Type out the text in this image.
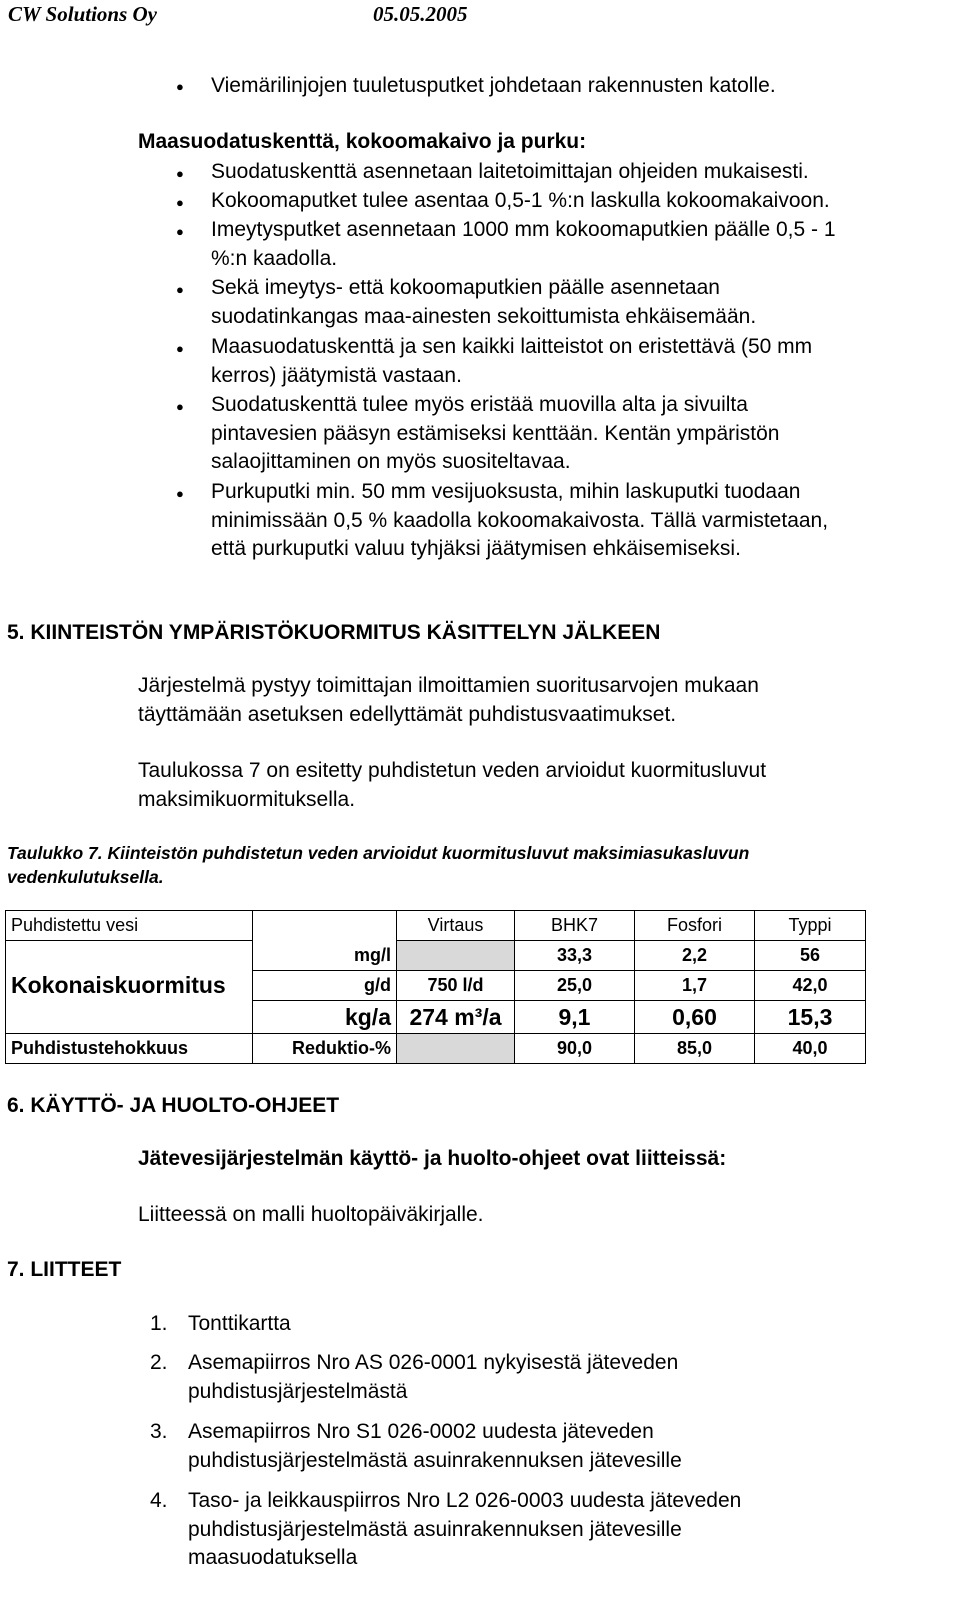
CW Solutions Oy	05.05.2005
●
Viemärilinjojen tuuletusputket johdetaan rakennusten katolle.
Maasuodatuskenttä, kokoomakaivo ja purku:
●
Suodatuskenttä asennetaan laitetoimittajan ohjeiden mukaisesti.
●
Kokoomaputket tulee asentaa 0,5-1 %:n laskulla kokoomakaivoon.
●
Imeytysputket asennetaan 1000 mm kokoomaputkien päälle 0,5 - 1
%:n kaadolla.
●
Sekä imeytys- että kokoomaputkien päälle asennetaan
suodatinkangas maa-ainesten sekoittumista ehkäisemään.
●
Maasuodatuskenttä ja sen kaikki laitteistot on eristettävä (50 mm
kerros) jäätymistä vastaan.
●
Suodatuskenttä tulee myös eristää muovilla alta ja sivuilta
pintavesien pääsyn estämiseksi kenttään. Kentän ympäristön
salaojittaminen on myös suositeltavaa.
●
Purkuputki min. 50 mm vesijuoksusta, mihin laskuputki tuodaan
minimissään 0,5 % kaadolla kokoomakaivosta. Tällä varmistetaan,
että purkuputki valuu tyhjäksi jäätymisen ehkäisemiseksi.
5. KIINTEISTÖN YMPÄRISTÖKUORMITUS KÄSITTELYN JÄLKEEN
Järjestelmä pystyy toimittajan ilmoittamien suoritusarvojen mukaan
täyttämään asetuksen edellyttämät puhdistusvaatimukset.
Taulukossa 7 on esitetty puhdistetun veden arvioidut kuormitusluvut
maksimikuormituksella.
Taulukko 7. Kiinteistön puhdistetun veden arvioidut kuormitusluvut maksimiasukasluvun
vedenkulutuksella.
Puhdistettu vesi		Virtaus	BHK7	Fosfori	Typpi
	mg/l		33,3	2,2	56
Kokonaiskuormitus	g/d	750 l/d	25,0	1,7	42,0
	kg/a	274 m³/a	9,1	0,60	15,3
Puhdistustehokkuus	Reduktio-%		90,0	85,0	40,0
6. KÄYTTÖ- JA HUOLTO-OHJEET
Jätevesijärjestelmän käyttö- ja huolto-ohjeet ovat liitteissä:
Liitteessä on malli huoltopäiväkirjalle.
7. LIITTEET
1. Tonttikartta
2. Asemapiirros Nro AS 026-0001 nykyisestä jäteveden
puhdistusjärjestelmästä
3. Asemapiirros Nro S1 026-0002 uudesta jäteveden
puhdistusjärjestelmästä asuinrakennuksen jätevesille
4. Taso- ja leikkauspiirros Nro L2 026-0003 uudesta jäteveden
puhdistusjärjestelmästä asuinrakennuksen jätevesille
maasuodatuksella
